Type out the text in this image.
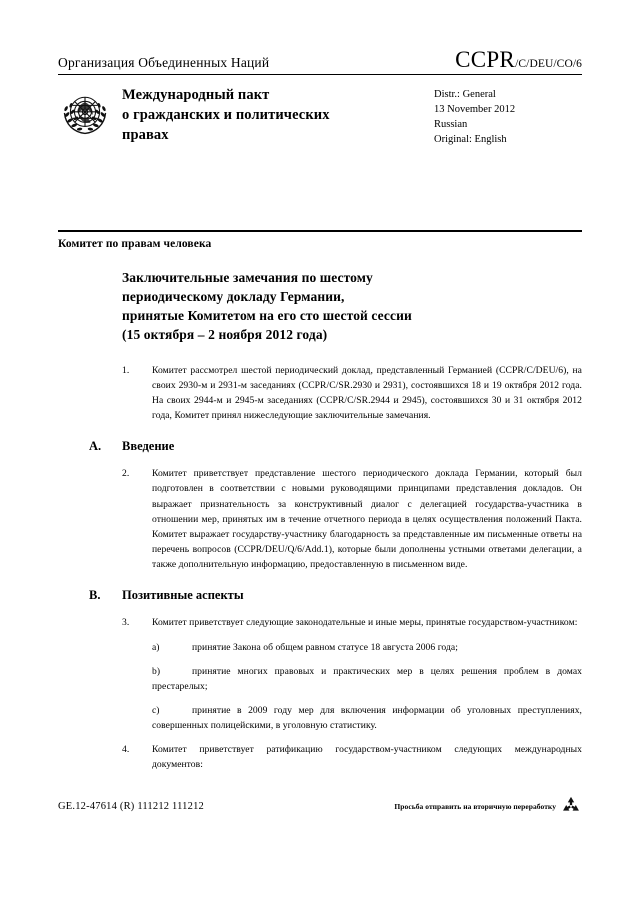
Организация Объединенных Наций	CCPR/C/DEU/CO/6
Международный пакт
о гражданских и политических
правах
Distr.: General
13 November 2012
Russian
Original: English
Комитет по правам человека
Заключительные замечания по шестому
периодическому докладу Германии,
принятые Комитетом на его сто шестой сессии
(15 октября – 2 ноября 2012 года)
1. Комитет рассмотрел шестой периодический доклад, представленный Германией (CCPR/C/DEU/6), на своих 2930-м и 2931-м заседаниях (CCPR/C/SR.2930 и 2931), состоявшихся 18 и 19 октября 2012 года. На своих 2944-м и 2945-м заседаниях (CCPR/C/SR.2944 и 2945), состоявшихся 30 и 31 октября 2012 года, Комитет принял нижеследующие заключительные замечания.
A. Введение
2. Комитет приветствует представление шестого периодического доклада Германии, который был подготовлен в соответствии с новыми руководящими принципами представления докладов. Он выражает признательность за конструктивный диалог с делегацией государства-участника в отношении мер, принятых им в течение отчетного периода в целях осуществления положений Пакта. Комитет выражает государству-участнику благодарность за представленные им письменные ответы на перечень вопросов (CCPR/DEU/Q/6/Add.1), которые были дополнены устными ответами делегации, а также дополнительную информацию, предоставленную в письменном виде.
B. Позитивные аспекты
3. Комитет приветствует следующие законодательные и иные меры, принятые государством-участником:
a)	принятие Закона об общем равном статусе 18 августа 2006 года;
b)	принятие многих правовых и практических мер в целях решения проблем в домах престарелых;
c)	принятие в 2009 году мер для включения информации об уголовных преступлениях, совершенных полицейскими, в уголовную статистику.
4. Комитет приветствует ратификацию государством-участником следующих международных документов:
GE.12-47614 (R) 111212 111212	Просьба отправить на вторичную переработку
